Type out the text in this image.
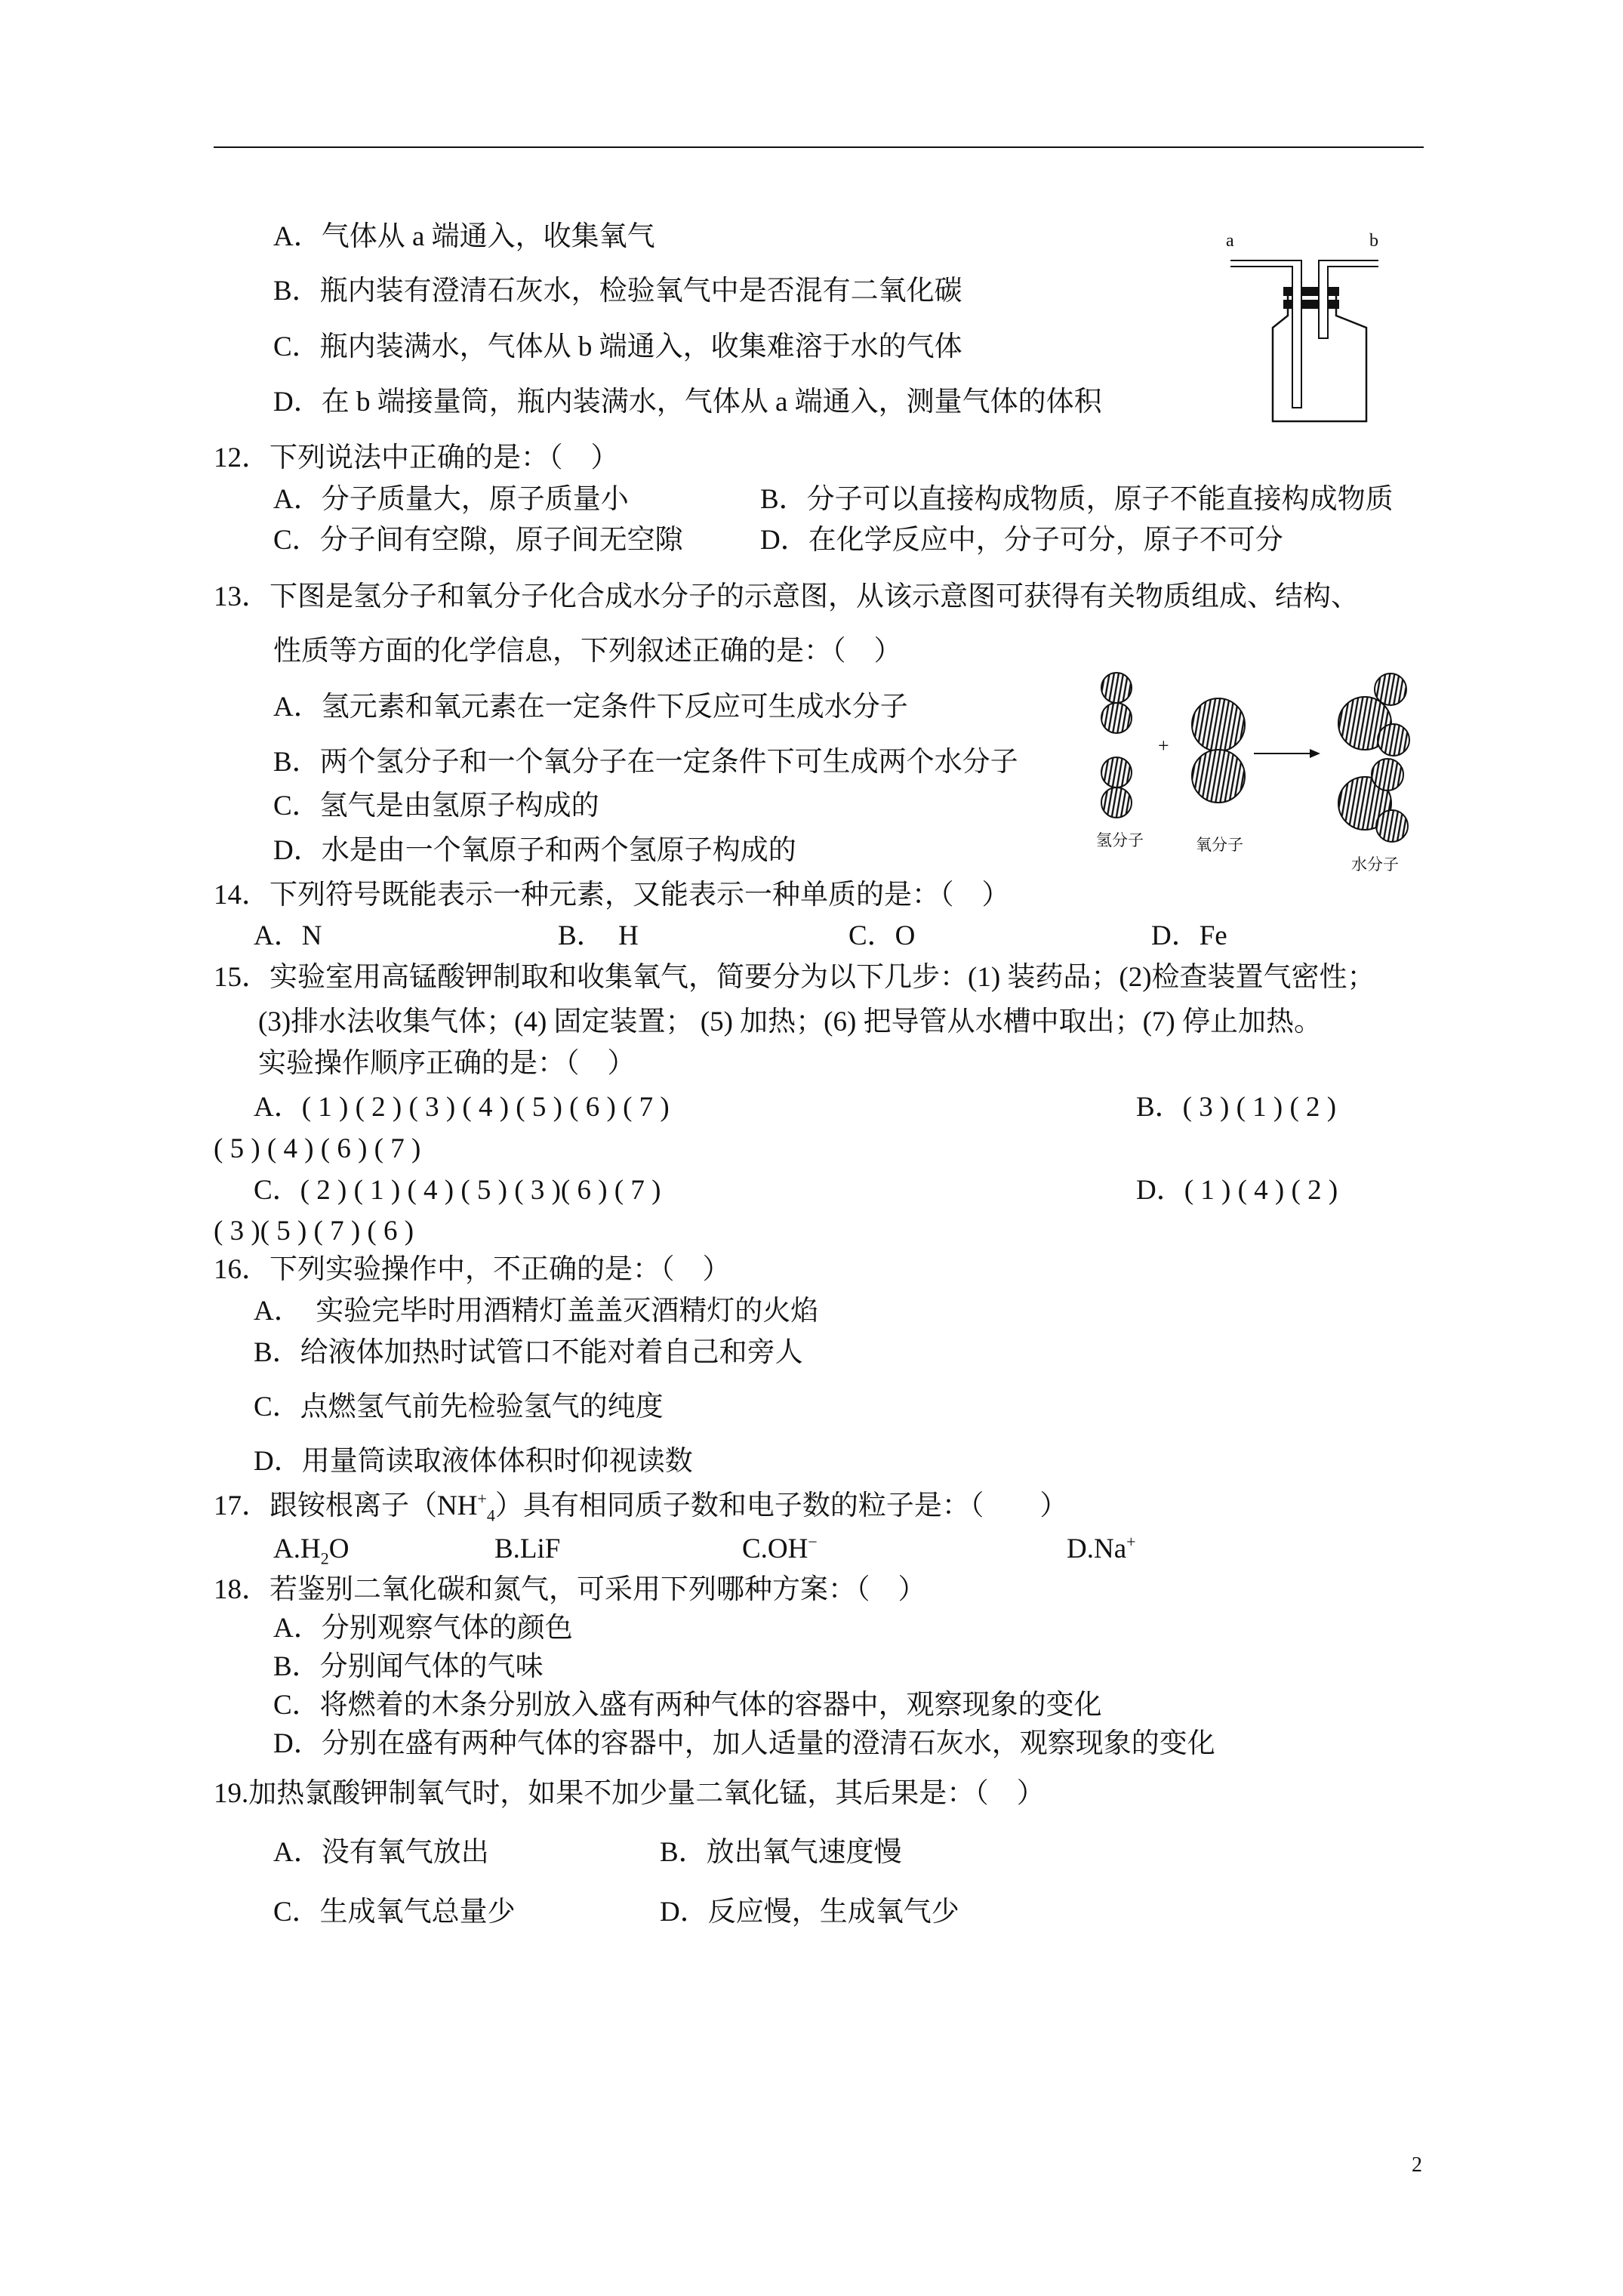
A．气体从 a 端通入，收集氧气
B．瓶内装有澄清石灰水，检验氧气中是否混有二氧化碳
C．瓶内装满水，气体从 b 端通入，收集难溶于水的气体
D．在 b 端接量筒，瓶内装满水，气体从 a 端通入，测量气体的体积
a	b
12．下列说法中正确的是：（　）
A．分子质量大，原子质量小	B．分子可以直接构成物质，原子不能直接构成物质
C．分子间有空隙，原子间无空隙	D．在化学反应中，分子可分，原子不可分
13．下图是氢分子和氧分子化合成水分子的示意图，从该示意图可获得有关物质组成、结构、
性质等方面的化学信息，下列叙述正确的是：（　）
A．氢元素和氧元素在一定条件下反应可生成水分子
B．两个氢分子和一个氧分子在一定条件下可生成两个水分子
C．氢气是由氢原子构成的
D．水是由一个氧原子和两个氢原子构成的
+
氢分子	氧分子
水分子
14．下列符号既能表示一种元素，又能表示一种单质的是：（　）
A．N	B．  H	C．O	D．Fe
15．实验室用高锰酸钾制取和收集氧气，简要分为以下几步：(1) 装药品；(2)检查装置气密性；
(3)排水法收集气体；(4) 固定装置； (5) 加热；(6) 把导管从水槽中取出；(7) 停止加热。
实验操作顺序正确的是：（　）
A．( 1 ) ( 2 ) ( 3 ) ( 4 ) ( 5 ) ( 6 ) ( 7 )	B．( 3 ) ( 1 ) ( 2 )
( 5 ) ( 4 ) ( 6 ) ( 7 )
C．( 2 ) ( 1 ) ( 4 ) ( 5 ) ( 3 )( 6 ) ( 7 )	D．( 1 ) ( 4 ) ( 2 )
( 3 )( 5 ) ( 7 ) ( 6 )
16．下列实验操作中，不正确的是：（　）
A．  实验完毕时用酒精灯盖盖灭酒精灯的火焰
B．给液体加热时试管口不能对着自己和旁人
C．点燃氢气前先检验氢气的纯度
D．用量筒读取液体体积时仰视读数
17．跟铵根离子$(NH^+_4)$具有相同质子数和电子数的粒子是：（　　）
$A.H_2O$	B.LiF	C.OH−	D.Na+
18．若鉴别二氧化碳和氮气，可采用下列哪种方案：（　）
A．分别观察气体的颜色
B．分别闻气体的气味
C．将燃着的木条分别放入盛有两种气体的容器中，观察现象的变化
D．分别在盛有两种气体的容器中，加人适量的澄清石灰水，观察现象的变化
19.加热氯酸钾制氧气时，如果不加少量二氧化锰，其后果是：（　）
A．没有氧气放出	B．放出氧气速度慢
C．生成氧气总量少	D．反应慢，生成氧气少
2
